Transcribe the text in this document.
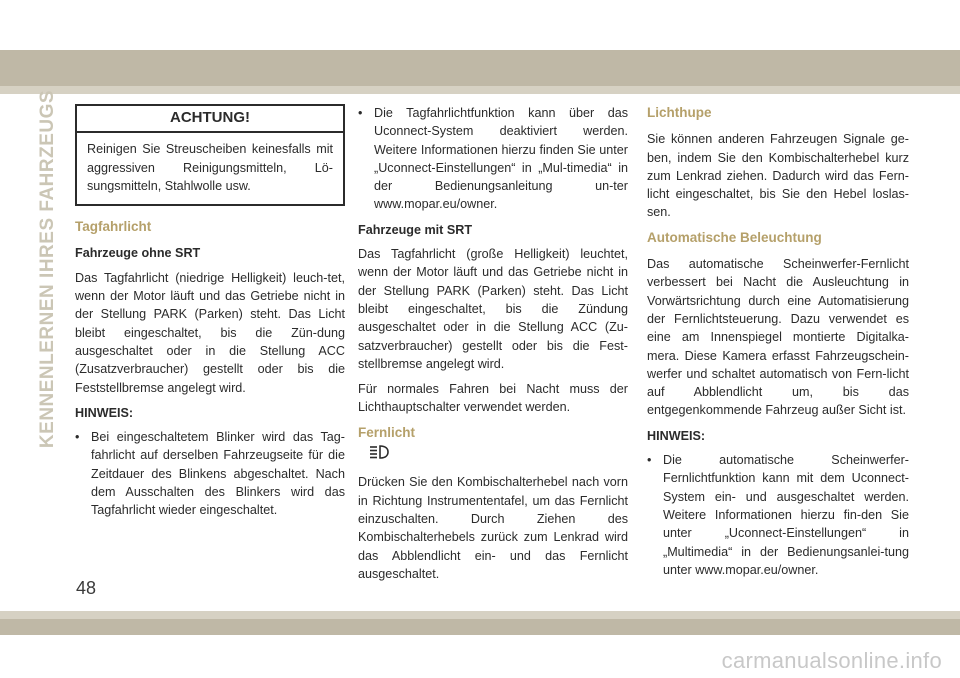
KENNENLERNEN IHRES FAHRZEUGS	ACHTUNG!
Reinigen Sie Streuscheiben keinesfalls mit aggressiven Reinigungsmitteln, Lö-sungsmitteln, Stahlwolle usw.
Tagfahrlicht
Fahrzeuge ohne SRT

Das Tagfahrlicht (niedrige Helligkeit) leuch-tet, wenn der Motor läuft und das Getriebe nicht in der Stellung PARK (Parken) steht. Das Licht bleibt eingeschaltet, bis die Zün-dung ausgeschaltet oder in die Stellung ACC (Zusatzverbraucher) gestellt oder bis die Feststellbremse angelegt wird.

HINWEIS:
• Bei eingeschaltetem Blinker wird das Tag-fahrlicht auf derselben Fahrzeugseite für die Zeitdauer des Blinkens abgeschaltet. Nach dem Ausschalten des Blinkers wird das Tagfahrlicht wieder eingeschaltet.
• Die Tagfahrlichtfunktion kann über das Uconnect-System deaktiviert werden. Weitere Informationen hierzu finden Sie unter „Uconnect-Einstellungen“ in „Mul-timedia“ in der Bedienungsanleitung un-ter www.mopar.eu/owner.
Fahrzeuge mit SRT

Das Tagfahrlicht (große Helligkeit) leuchtet, wenn der Motor läuft und das Getriebe nicht in der Stellung PARK (Parken) steht. Das Licht bleibt eingeschaltet, bis die Zündung ausgeschaltet oder in die Stellung ACC (Zu-satzverbraucher) gestellt oder bis die Fest-stellbremse angelegt wird.

Für normales Fahren bei Nacht muss der Lichthauptschalter verwendet werden.

Fernlicht

Drücken Sie den Kombischalterhebel nach vorn in Richtung Instrumententafel, um das Fernlicht einzuschalten. Durch Ziehen des Kombischalterhebels zurück zum Lenkrad wird das Abblendlicht ein- und das Fernlicht ausgeschaltet.

Lichthupe

Sie können anderen Fahrzeugen Signale ge-ben, indem Sie den Kombischalterhebel kurz zum Lenkrad ziehen. Dadurch wird das Fern-licht eingeschaltet, bis Sie den Hebel loslas-sen.

Automatische Beleuchtung

Das automatische Scheinwerfer-Fernlicht verbessert bei Nacht die Ausleuchtung in Vorwärtsrichtung durch eine Automatisierung der Fernlichtsteuerung. Dazu verwendet es eine am Innenspiegel montierte Digitalka-mera. Diese Kamera erfasst Fahrzeugschein-werfer und schaltet automatisch von Fern-licht auf Abblendlicht um, bis das entgegenkommende Fahrzeug außer Sicht ist.

HINWEIS:
• Die automatische Scheinwerfer-Fernlichtfunktion kann mit dem Uconnect-System ein- und ausgeschaltet werden. Weitere Informationen hierzu fin-den Sie unter „Uconnect-Einstellungen“ in „Multimedia“ in der Bedienungsanlei-tung unter www.mopar.eu/owner.
48
carmanualsonline.info
